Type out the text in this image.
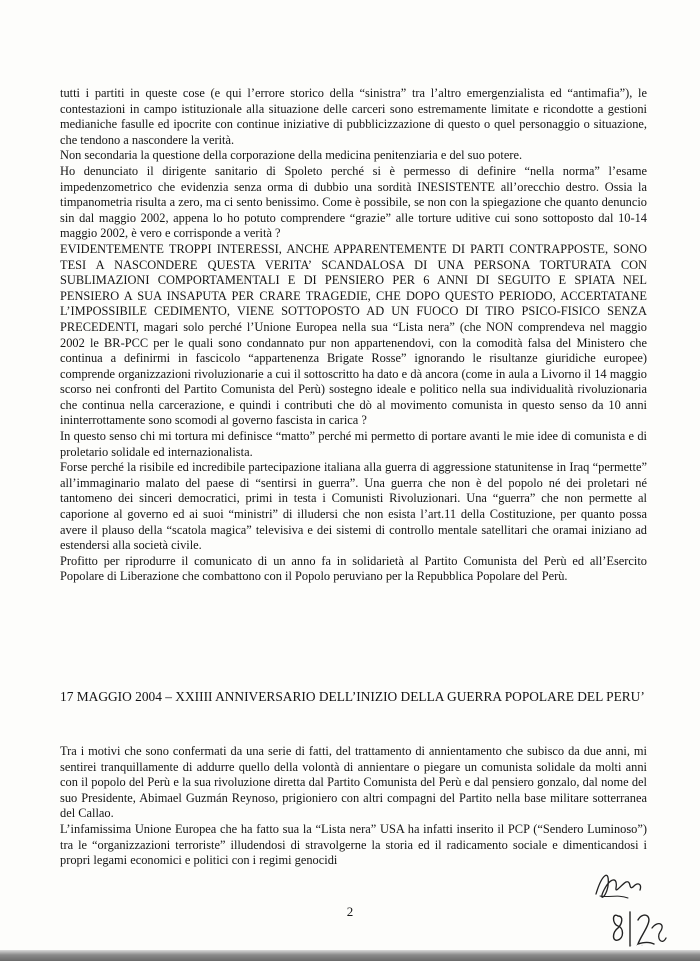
tutti i partiti in queste cose (e qui l’errore storico della “sinistra” tra l’altro emergenzialista ed “antimafia”), le contestazioni in campo istituzionale alla situazione delle carceri sono estremamente limitate e ricondotte a gestioni medianiche fasulle ed ipocrite con continue iniziative di pubblicizzazione di questo o quel personaggio o situazione, che tendono a nascondere la verità.

Non secondaria la questione della corporazione della medicina penitenziaria e del suo potere.

Ho denunciato il dirigente sanitario di Spoleto perché si è permesso di definire “nella norma” l’esame impedenzometrico che evidenzia senza orma di dubbio una sordità INESISTENTE all’orecchio destro. Ossia la timpanometria risulta a zero, ma ci sento benissimo. Come è possibile, se non con la spiegazione che quanto denuncio sin dal maggio 2002, appena lo ho potuto comprendere “grazie” alle torture uditive cui sono sottoposto dal 10-14 maggio 2002, è vero e corrisponde a verità ?

EVIDENTEMENTE TROPPI INTERESSI, ANCHE APPARENTEMENTE DI PARTI CONTRAPPOSTE, SONO TESI A NASCONDERE QUESTA VERITA’ SCANDALOSA DI UNA PERSONA TORTURATA CON SUBLIMAZIONI COMPORTAMENTALI E DI PENSIERO PER 6 ANNI DI SEGUITO E SPIATA NEL PENSIERO A SUA INSAPUTA PER CRARE TRAGEDIE, CHE DOPO QUESTO PERIODO, ACCERTATANE L’IMPOSSIBILE CEDIMENTO, VIENE SOTTOPOSTO AD UN FUOCO DI TIRO PSICO-FISICO SENZA PRECEDENTI, magari solo perché l’Unione Europea nella sua “Lista nera” (che NON comprendeva nel maggio 2002 le BR-PCC per le quali sono condannato pur non appartenendovi, con la comodità falsa del Ministero che continua a definirmi in fascicolo “appartenenza Brigate Rosse” ignorando le risultanze giuridiche europee) comprende organizzazioni rivoluzionarie a cui il sottoscritto ha dato e dà ancora (come in aula a Livorno il 14 maggio scorso nei confronti del Partito Comunista del Perù) sostegno ideale e politico nella sua individualità rivoluzionaria che continua nella carcerazione, e quindi i contributi che dò al movimento comunista in questo senso da 10 anni ininterrottamente sono scomodi al governo fascista in carica ?

In questo senso chi mi tortura mi definisce “matto” perché mi permetto di portare avanti le mie idee di comunista e di proletario solidale ed internazionalista.

Forse perché la risibile ed incredibile partecipazione italiana alla guerra di aggressione statunitense in Iraq “permette” all’immaginario malato del paese di “sentirsi in guerra”. Una guerra che non è del popolo né dei proletari né tantomeno dei sinceri democratici, primi in testa i Comunisti Rivoluzionari. Una “guerra” che non permette al caporione al governo ed ai suoi “ministri” di illudersi che non esista l’art.11 della Costituzione, per quanto possa avere il plauso della “scatola magica” televisiva e dei sistemi di controllo mentale satellitari che oramai iniziano ad estendersi alla società civile.

Profitto per riprodurre il comunicato di un anno fa in solidarietà al Partito Comunista del Perù ed all’Esercito Popolare di Liberazione che combattono con il Popolo peruviano per la Repubblica Popolare del Perù.

17 MAGGIO 2004 – XXIIII ANNIVERSARIO DELL’INIZIO DELLA GUERRA POPOLARE DEL PERU’

Tra i motivi che sono confermati da una serie di fatti, del trattamento di annientamento che subisco da due anni, mi sentirei tranquillamente di addurre quello della volontà di annientare o piegare un comunista solidale da molti anni con il popolo del Perù e la sua rivoluzione diretta dal Partito Comunista del Perù e dal pensiero gonzalo, dal nome del suo Presidente, Abimael Guzmán Reynoso, prigioniero con altri compagni del Partito nella base militare sotterranea del Callao.

L’infamissima Unione Europea che ha fatto sua la “Lista nera” USA ha infatti inserito il PCP (“Sendero Luminoso”) tra le “organizzazioni terroriste” illudendosi di stravolgerne la storia ed il radicamento sociale e dimenticandosi i propri legami economici e politici con i regimi genocidi

2
· · ·
